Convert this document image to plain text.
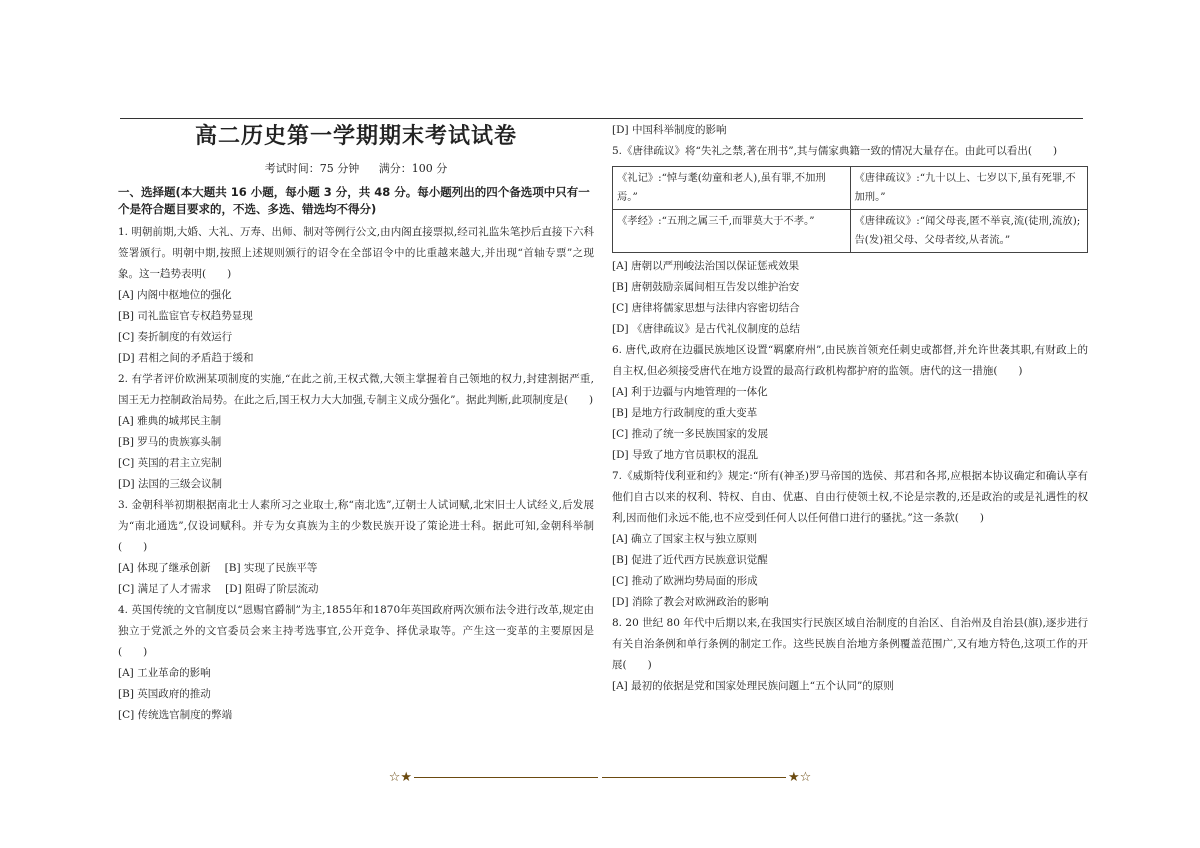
高二历史第一学期期末考试试卷
考试时间：75 分钟 满分：100 分
一、选择题(本大题共 16 小题，每小题 3 分，共 48 分。每小题列出的四个备选项中只有一个是符合题目要求的，不选、多选、错选均不得分)

1. 明朝前期,大婚、大礼、万寿、出师、制对等例行公文,由内阁直接票拟,经司礼监朱笔抄后直接下六科签署颁行。明朝中期,按照上述规则颁行的诏令在全部诏令中的比重越来越大,并出现“首轴专票”之现象。这一趋势表明(　　)

[A] 内阁中枢地位的强化

[B] 司礼监宦官专权趋势显现

[C] 奏折制度的有效运行

[D] 君相之间的矛盾趋于缓和

2. 有学者评价欧洲某项制度的实施,“在此之前,王权式微,大领主掌握着自己领地的权力,封建割据严重,国王无力控制政治局势。在此之后,国王权力大大加强,专制主义成分强化”。据此判断,此项制度是(　　)

[A] 雅典的城邦民主制

[B] 罗马的贵族寡头制

[C] 英国的君主立宪制

[D] 法国的三级会议制

3. 金朝科举初期根据南北士人素所习之业取士,称“南北选”,辽朝士人试词赋,北宋旧士人试经义,后发展为“南北通选”,仅设词赋科。并专为女真族为主的少数民族开设了策论进士科。据此可知,金朝科举制(　　)

[A] 体现了继承创新 [B] 实现了民族平等
[C] 满足了人才需求 [D] 阻碍了阶层流动

4. 英国传统的文官制度以“恩赐官爵制”为主,1855年和1870年英国政府两次颁布法令进行改革,规定由独立于党派之外的文官委员会来主持考选事宜,公开竞争、择优录取等。产生这一变革的主要原因是(　　)

[A] 工业革命的影响

[B] 英国政府的推动

[C] 传统选官制度的弊端

[D] 中国科举制度的影响

5.《唐律疏议》将“失礼之禁,著在刑书”,其与儒家典籍一致的情况大量存在。由此可以看出(　　)

《礼记》:“悼与耄(幼童和老人),虽有罪,不加刑焉。”	《唐律疏议》:“九十以上、七岁以下,虽有死罪,不加刑。”
《孝经》:“五刑之属三千,而罪莫大于不孝。”	《唐律疏议》:“闻父母丧,匿不举哀,流(徒刑,流放);告(发)祖父母、父母者绞,从者流。”

[A] 唐朝以严刑峻法治国以保证惩戒效果

[B] 唐朝鼓励亲属间相互告发以维护治安

[C] 唐律将儒家思想与法律内容密切结合

[D] 《唐律疏议》是古代礼仪制度的总结

6. 唐代,政府在边疆民族地区设置“羁縻府州”,由民族首领充任刺史或都督,并允许世袭其职,有财政上的自主权,但必须接受唐代在地方设置的最高行政机构都护府的监领。唐代的这一措施(　　)

[A] 利于边疆与内地管理的一体化

[B] 是地方行政制度的重大变革

[C] 推动了统一多民族国家的发展

[D] 导致了地方官员职权的混乱

7.《威斯特伐利亚和约》规定:“所有(神圣)罗马帝国的选侯、邦君和各邦,应根据本协议确定和确认享有他们自古以来的权利、特权、自由、优惠、自由行使领土权,不论是宗教的,还是政治的或是礼遇性的权利,因而他们永远不能,也不应受到任何人以任何借口进行的骚扰。”这一条款(　　)

[A] 确立了国家主权与独立原则

[B] 促进了近代西方民族意识觉醒

[C] 推动了欧洲均势局面的形成

[D] 消除了教会对欧洲政治的影响

8. 20 世纪 80 年代中后期以来,在我国实行民族区域自治制度的自治区、自治州及自治县(旗),逐步进行有关自治条例和单行条例的制定工作。这些民族自治地方条例覆盖范围广,又有地方特色,这项工作的开展(　　)

[A] 最初的依据是党和国家处理民族问题上“五个认同”的原则

☆★	★☆
